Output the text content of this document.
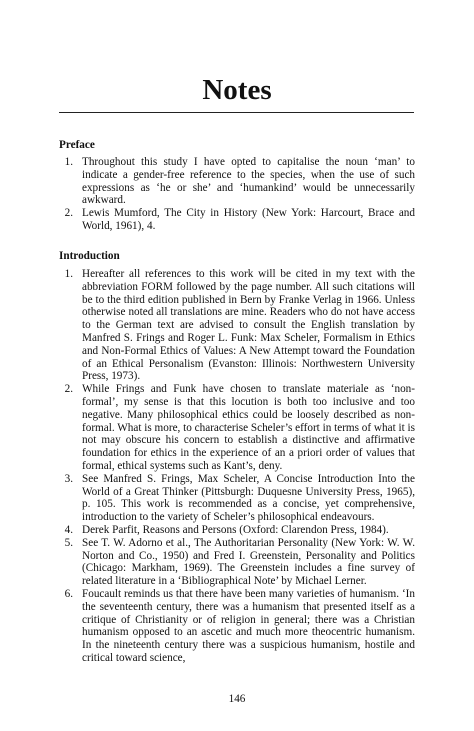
Notes
Preface
1. Throughout this study I have opted to capitalise the noun ‘man’ to indicate a gender-free reference to the species, when the use of such expressions as ‘he or she’ and ‘humankind’ would be unnecessarily awkward.
2. Lewis Mumford, The City in History (New York: Harcourt, Brace and World, 1961), 4.
Introduction
1. Hereafter all references to this work will be cited in my text with the abbreviation FORM followed by the page number. All such citations will be to the third edition published in Bern by Franke Verlag in 1966. Unless otherwise noted all translations are mine. Readers who do not have access to the German text are advised to consult the English translation by Manfred S. Frings and Roger L. Funk: Max Scheler, Formalism in Ethics and Non-Formal Ethics of Values: A New Attempt toward the Foundation of an Ethical Personalism (Evanston: Illinois: Northwestern University Press, 1973).
2. While Frings and Funk have chosen to translate materiale as ‘non-formal’, my sense is that this locution is both too inclusive and too negative. Many philosophical ethics could be loosely described as non-formal. What is more, to characterise Scheler’s effort in terms of what it is not may obscure his concern to establish a distinctive and affirmative foundation for ethics in the experience of an a priori order of values that formal, ethical systems such as Kant’s, deny.
3. See Manfred S. Frings, Max Scheler, A Concise Introduction Into the World of a Great Thinker (Pittsburgh: Duquesne University Press, 1965), p. 105. This work is recommended as a concise, yet comprehensive, introduction to the variety of Scheler’s philosophical endeavours.
4. Derek Parfit, Reasons and Persons (Oxford: Clarendon Press, 1984).
5. See T. W. Adorno et al., The Authoritarian Personality (New York: W. W. Norton and Co., 1950) and Fred I. Greenstein, Personality and Politics (Chicago: Markham, 1969). The Greenstein includes a fine survey of related literature in a ‘Bibliographical Note’ by Michael Lerner.
6. Foucault reminds us that there have been many varieties of humanism. ‘In the seventeenth century, there was a humanism that presented itself as a critique of Christianity or of religion in general; there was a Christian humanism opposed to an ascetic and much more theocentric humanism. In the nineteenth century there was a suspicious humanism, hostile and critical toward science,
146
